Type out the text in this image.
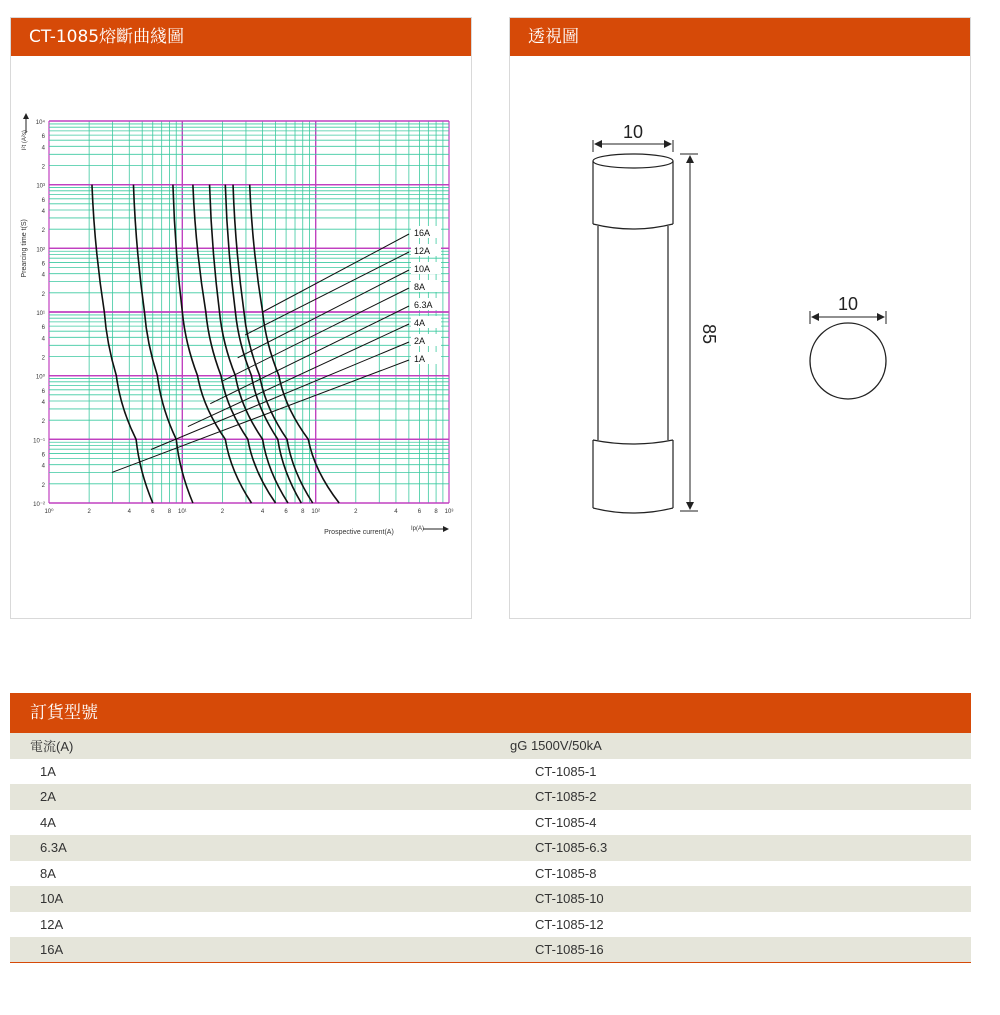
CT-1085熔斷曲綫圖
10⁴
6
4
2
10³
6
4
2
10²
6
4
2
10¹
6
4
2
10⁰
6
4
2
10⁻¹
6
4
2
10⁻²
10⁰	2	4	6 8 10¹	2	4	6 8 10²	2	4	6 8 10³
Prospective current(A)	Ip(A)
Prearcing time t(S)
I²t (A²s)
16A
12A
10A
8A
6.3A
4A
2A
1A
透視圖
10
85
10
訂貨型號
電流(A)	gG 1500V/50kA
1A	CT-1085-1
2A	CT-1085-2
4A	CT-1085-4
6.3A	CT-1085-6.3
8A	CT-1085-8
10A	CT-1085-10
12A	CT-1085-12
16A	CT-1085-16
